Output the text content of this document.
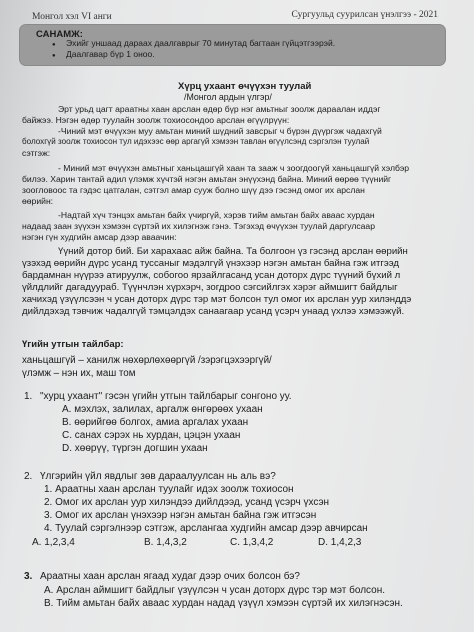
Монгол хэл VI анги	Сургуульд суурилсан үнэлгээ - 2021
САНАМЖ:
● Эхийг уншаад дараах даалгаврыг 70 минутад багтаан гүйцэтгээрэй.
● Даалгавар бүр 1 оноо.
Хүрц ухаант өчүүхэн туулай
/Монгол ардын үлгэр/
Эрт урьд цагт араатны хаан арслан өдөр бүр нэг амьтныг зоолж дараалан иддэг
байжээ. Нэгэн өдөр туулайн зоолж тохиосондоо арслан өгүүлрүүн:
-Чиний мэт өчүүхэн муу амьтан миний шүдний завсрыг ч бүрэн дүүргэж чадахгүй
болохгүй зоолж тохиосон тул идэхээс өөр аргагүй хэмээн тавлан өгүүлсэнд сэргэлэн туулай
сэтгэж:
- Миний мэт өчүүхэн амьтныг ханьцашгүй хаан та зааж ч зоогдоогүй ханьцашгүй хэлбэр
билээ. Харин тантай адил үлэмж хүчтэй нэгэн амьтан энүүхэнд байна. Миний өөрөө түүнийг
зоогловоос та гэдэс цатгалан, сэтгэл амар сууж болно шүү дээ гэсэнд омог их арслан
өөрийн:
-Надтай хүч тэнцэх амьтан байх үчиргүй, хэрэв тийм амьтан байх аваас хурдан
надаад заан зүүхэн хэмээн сүртэй их хилэгнэж гэнэ. Тэгэхэд өчүүхэн туулай даргулсаар
нэгэн гүн худгийн амсар дээр аваачин:
Үүний дотор бий. Би харахаас айж байна. Та болгоон үз гэсэнд арслан өөрийн
үзэхэд өөрийн дүрс усанд туссаныг мэдэлгүй үнэхээр нэгэн амьтан байна гэж итгээд
бардамнан нүүрээ атируулж, собогоо ярзайлгасанд усан доторх дүрс түүний бүхий л
үйлдлийг дагадуураб. Түүнчлэн хүрхэрч, зогдроо сэгсийлгэх хэрэг аймшигт байдлыг
хачихэд үзүүлсээн ч усан доторх дүрс тэр мэт болсон тул омог их арслан уур хилэнддэ
дийлдэхэд тэвчиж чадалгүй тэмцэлдэх санаагаар усанд үсэрч унаад үхлээ хэмээжүй.
Үгийн утгын тайлбар:
ханьцашгүй – ханилж нөхөрлөхөөргүй /зэрэгцэхээргүй/
үлэмж – нэн их, маш том
1. "хурц ухаант" гэсэн үгийн утгын тайлбарыг сонгоно уу.
A. мэхлэх, залилах, аргалж өнгөрөөх ухаан
B. өөрийгөө болгох, амиа аргалах ухаан
C. санах сэрэх нь хурдан, цэцэн ухаан
D. хөөрүү, түргэн догшин ухаан
2. Үлгэрийн үйл явдлыг зөв дараалуулсан нь аль вэ?
1. Араатны хаан арслан туулайг идэх зоолж тохиосон
2. Омог их арслан уур хилэндээ дийлдээд, усанд үсэрч үхсэн
3. Омог их арслан үнэхээр нэгэн амьтан байна гэж итгэсэн
4. Туулай сэргэлнээр сэтгэж, арслангаа худгийн амсар дээр авчирсан
A. 1,2,3,4	B. 1,4,3,2	C. 1,3,4,2	D. 1,4,2,3
3. Араатны хаан арслан ягаад худаг дээр очих болсон бэ?
A. Арслан аймшигт байдлыг үзүүлсэн ч усан доторх дүрс тэр мэт болсон.
B. Тийм амьтан байх аваас хурдан надад үзүүл хэмээн сүртэй их хилэгнэсэн.
